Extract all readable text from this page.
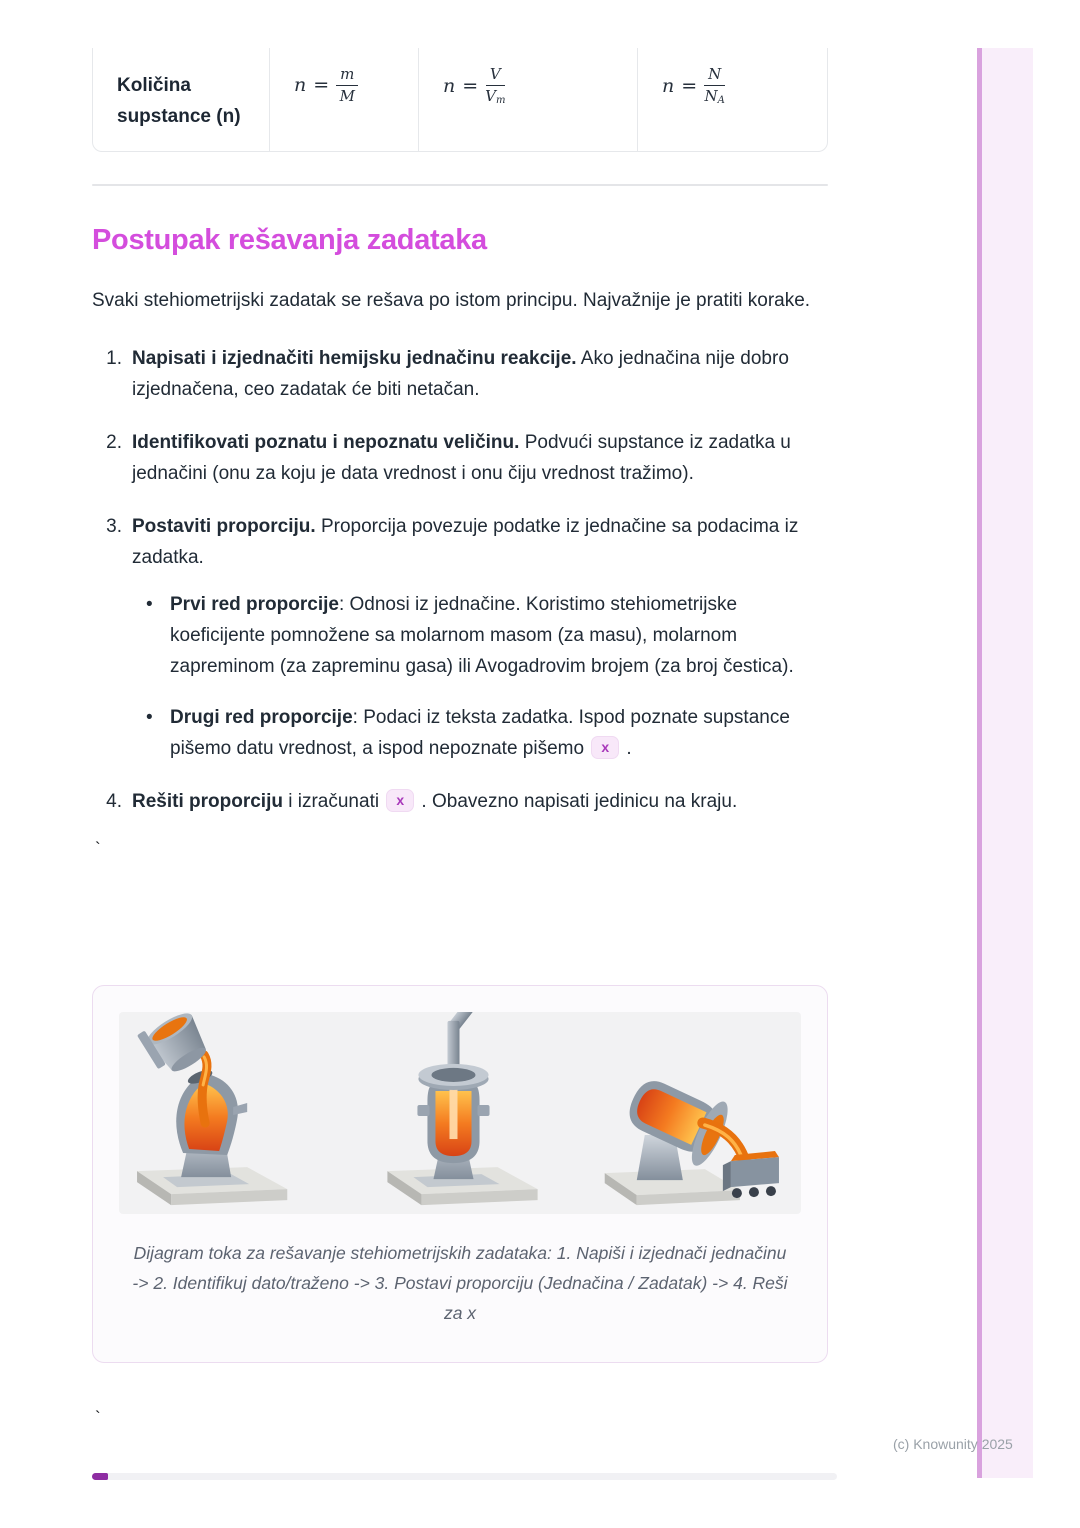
(c) Knowunity 2025
Količina supstance (n)
$n = \frac{m}{M}$	$n = \frac{V}{V_m}$	$n = \frac{N}{N_A}$
Postupak rešavanja zadataka

Svaki stehiometrijski zadatak se rešava po istom principu. Najvažnije je pratiti korake.

1. Napisati i izjednačiti hemijsku jednačinu reakcije. Ako jednačina nije dobro izjednačena, ceo zadatak će biti netačan.
2. Identifikovati poznatu i nepoznatu veličinu. Podvući supstance iz zadatka u jednačini (onu za koju je data vrednost i onu čiju vrednost tražimo).
3. Postaviti proporciju. Proporcija povezuje podatke iz jednačine sa podacima iz zadatka.
• Prvi red proporcije: Odnosi iz jednačine. Koristimo stehiometrijske koeficijente pomnožene sa molarnom masom (za masu), molarnom zapreminom (za zapreminu gasa) ili Avogadrovim brojem (za broj čestica).
• Drugi red proporcije: Podaci iz teksta zadatka. Ispod poznate supstance pišemo datu vrednost, a ispod nepoznate pišemo x .
4. Rešiti proporciju i izračunati x . Obavezno napisati jedinicu na kraju.
`
Dijagram toka za rešavanje stehiometrijskih zadataka: 1. Napiši i izjednači jednačinu -> 2. Identifikuj dato/traženo -> 3. Postavi proporciju (Jednačina / Zadatak) -> 4. Reši za x
`
